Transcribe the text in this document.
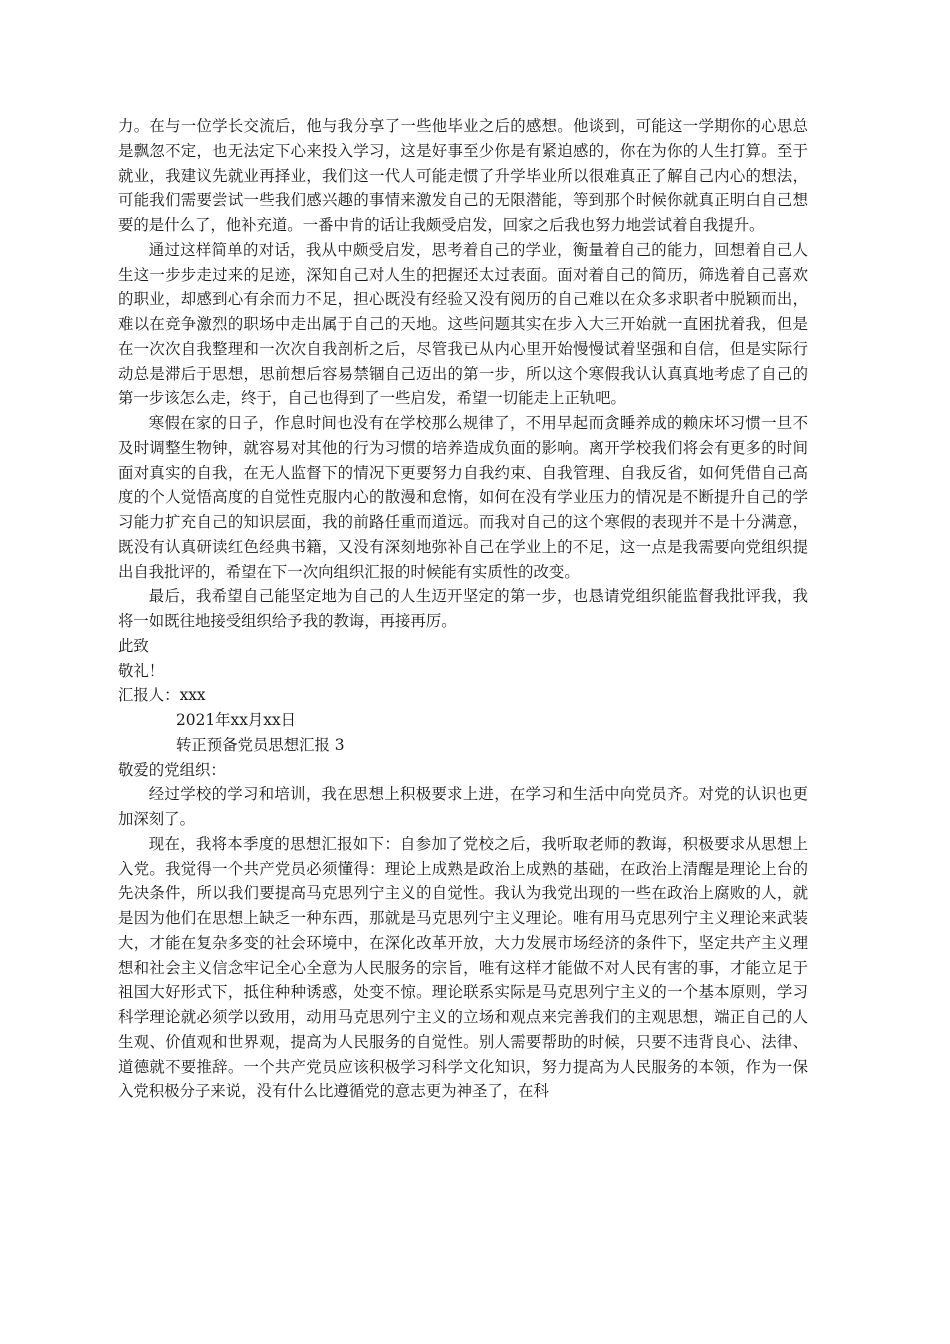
力。在与一位学长交流后，他与我分享了一些他毕业之后的感想。他谈到，可能这一学期你的心思总是飘忽不定，也无法定下心来投入学习，这是好事至少你是有紧迫感的，你在为你的人生打算。至于就业，我建议先就业再择业，我们这一代人可能走惯了升学毕业所以很难真正了解自己内心的想法，可能我们需要尝试一些我们感兴趣的事情来激发自己的无限潜能，等到那个时候你就真正明白自己想要的是什么了，他补充道。一番中肯的话让我颇受启发，回家之后我也努力地尝试着自我提升。

通过这样简单的对话，我从中颇受启发，思考着自己的学业，衡量着自己的能力，回想着自己人生这一步步走过来的足迹，深知自己对人生的把握还太过表面。面对着自己的简历，筛选着自己喜欢的职业，却感到心有余而力不足，担心既没有经验又没有阅历的自己难以在众多求职者中脱颖而出，难以在竞争激烈的职场中走出属于自己的天地。这些问题其实在步入大三开始就一直困扰着我，但是在一次次自我整理和一次次自我剖析之后，尽管我已从内心里开始慢慢试着坚强和自信，但是实际行动总是滞后于思想，思前想后容易禁锢自己迈出的第一步，所以这个寒假我认认真真地考虑了自己的第一步该怎么走，终于，自己也得到了一些启发，希望一切能走上正轨吧。

寒假在家的日子，作息时间也没有在学校那么规律了，不用早起而贪睡养成的赖床坏习惯一旦不及时调整生物钟，就容易对其他的行为习惯的培养造成负面的影响。离开学校我们将会有更多的时间面对真实的自我，在无人监督下的情况下更要努力自我约束、自我管理、自我反省，如何凭借自己高度的个人觉悟高度的自觉性克服内心的散漫和怠惰，如何在没有学业压力的情况是不断提升自己的学习能力扩充自己的知识层面，我的前路任重而道远。而我对自己的这个寒假的表现并不是十分满意，既没有认真研读红色经典书籍，又没有深刻地弥补自己在学业上的不足，这一点是我需要向党组织提出自我批评的，希望在下一次向组织汇报的时候能有实质性的改变。

最后，我希望自己能坚定地为自己的人生迈开坚定的第一步，也恳请党组织能监督我批评我，我将一如既往地接受组织给予我的教诲，再接再厉。

此致

敬礼！

汇报人：xxx

2021年xx月xx日

转正预备党员思想汇报 3

敬爱的党组织：

经过学校的学习和培训，我在思想上积极要求上进，在学习和生活中向党员齐。对党的认识也更加深刻了。

现在，我将本季度的思想汇报如下：自参加了党校之后，我听取老师的教诲，积极要求从思想上入党。我觉得一个共产党员必须懂得：理论上成熟是政治上成熟的基础，在政治上清醒是理论上台的先决条件，所以我们要提高马克思列宁主义的自觉性。我认为我党出现的一些在政治上腐败的人，就是因为他们在思想上缺乏一种东西，那就是马克思列宁主义理论。唯有用马克思列宁主义理论来武装大，才能在复杂多变的社会环境中，在深化改革开放，大力发展市场经济的条件下，坚定共产主义理想和社会主义信念牢记全心全意为人民服务的宗旨，唯有这样才能做不对人民有害的事，才能立足于祖国大好形式下，抵住种种诱惑，处变不惊。理论联系实际是马克思列宁主义的一个基本原则，学习科学理论就必须学以致用，动用马克思列宁主义的立场和观点来完善我们的主观思想，端正自己的人生观、价值观和世界观，提高为人民服务的自觉性。别人需要帮助的时候，只要不违背良心、法律、道德就不要推辞。一个共产党员应该积极学习科学文化知识，努力提高为人民服务的本领，作为一保入党积极分子来说，没有什么比遵循党的意志更为神圣了，在科
